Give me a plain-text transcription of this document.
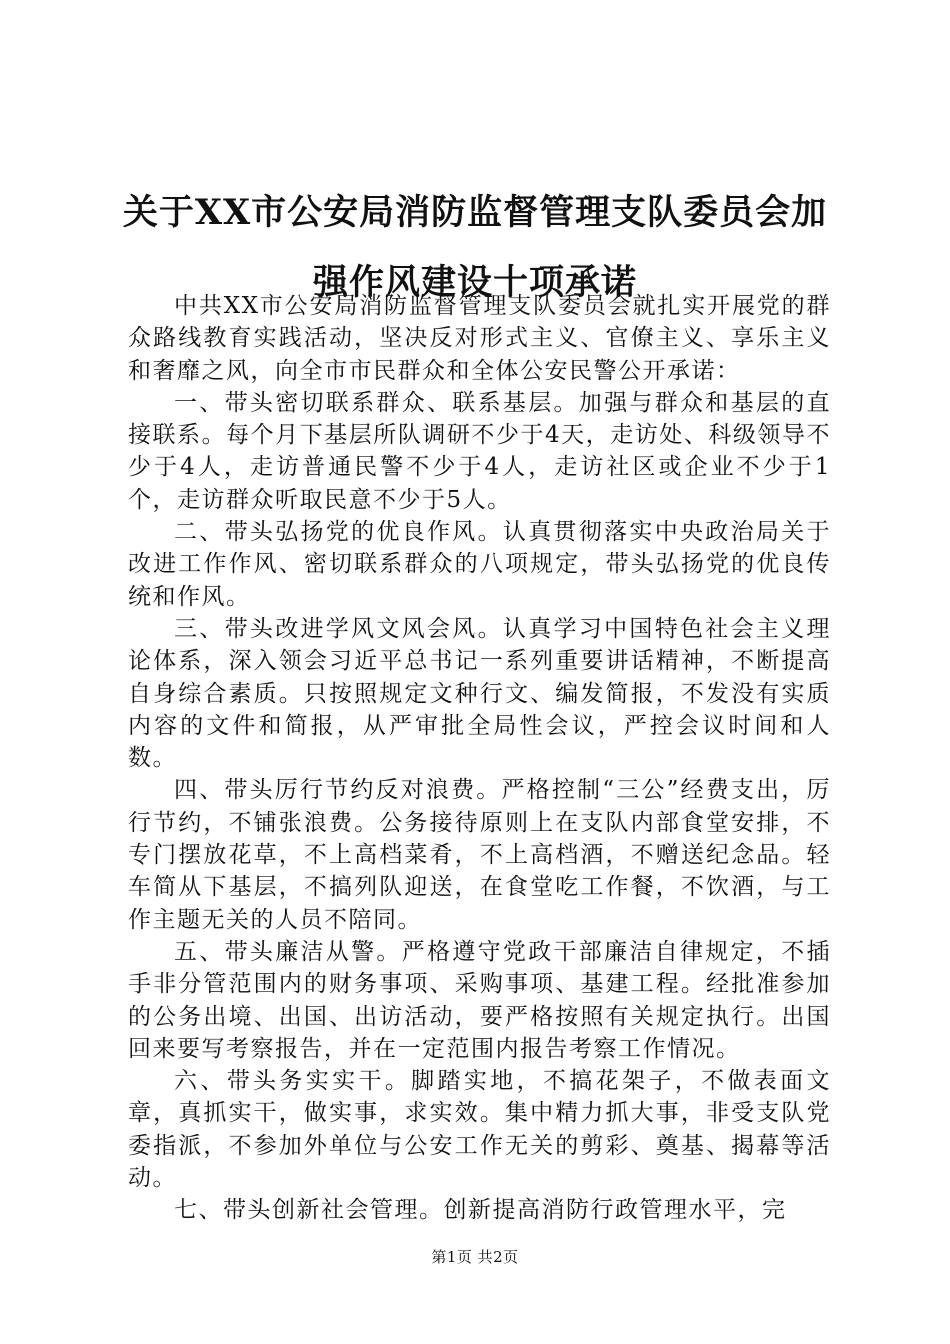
关于XX市公安局消防监督管理支队委员会加强作风建设十项承诺

中共XX市公安局消防监督管理支队委员会就扎实开展党的群众路线教育实践活动，坚决反对形式主义、官僚主义、享乐主义和奢靡之风，向全市市民群众和全体公安民警公开承诺：

一、带头密切联系群众、联系基层。加强与群众和基层的直接联系。每个月下基层所队调研不少于4天，走访处、科级领导不少于4人，走访普通民警不少于4人，走访社区或企业不少于1个，走访群众听取民意不少于5人。

二、带头弘扬党的优良作风。认真贯彻落实中央政治局关于改进工作作风、密切联系群众的八项规定，带头弘扬党的优良传统和作风。

三、带头改进学风文风会风。认真学习中国特色社会主义理论体系，深入领会习近平总书记一系列重要讲话精神，不断提高自身综合素质。只按照规定文种行文、编发简报，不发没有实质内容的文件和简报，从严审批全局性会议，严控会议时间和人数。

四、带头厉行节约反对浪费。严格控制“三公”经费支出，厉行节约，不铺张浪费。公务接待原则上在支队内部食堂安排，不专门摆放花草，不上高档菜肴，不上高档酒，不赠送纪念品。轻车简从下基层，不搞列队迎送，在食堂吃工作餐，不饮酒，与工作主题无关的人员不陪同。

五、带头廉洁从警。严格遵守党政干部廉洁自律规定，不插手非分管范围内的财务事项、采购事项、基建工程。经批准参加的公务出境、出国、出访活动，要严格按照有关规定执行。出国回来要写考察报告，并在一定范围内报告考察工作情况。

六、带头务实实干。脚踏实地，不搞花架子，不做表面文章，真抓实干，做实事，求实效。集中精力抓大事，非受支队党委指派，不参加外单位与公安工作无关的剪彩、奠基、揭幕等活动。

七、带头创新社会管理。创新提高消防行政管理水平，完

第1页 共2页
